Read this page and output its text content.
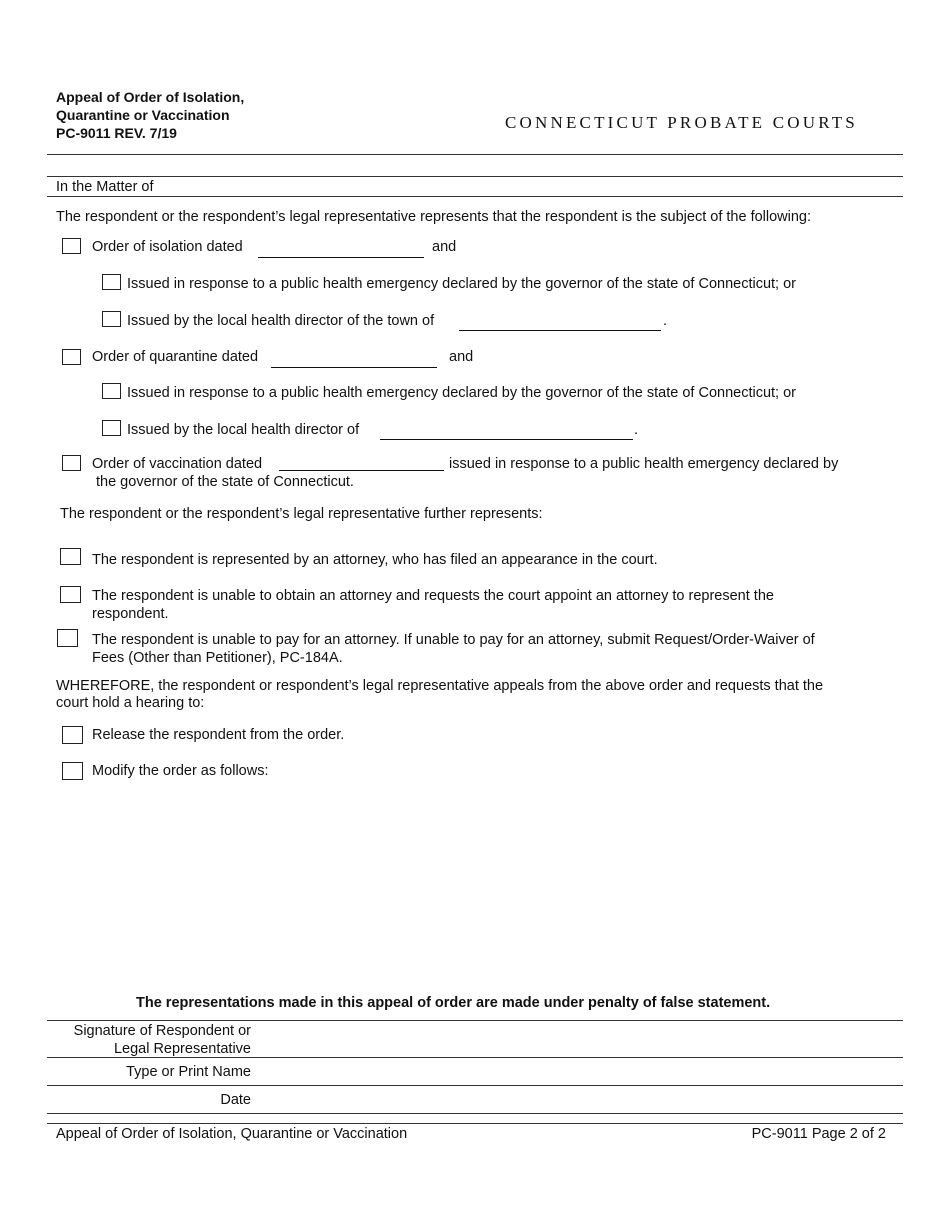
Appeal of Order of Isolation,
Quarantine or Vaccination
PC-9011 REV. 7/19
CONNECTICUT PROBATE COURTS
In the Matter of
The respondent or the respondent’s legal representative represents that the respondent is the subject of the following:
Order of isolation dated	and
Issued in response to a public health emergency declared by the governor of the state of Connecticut; or
Issued by the local health director of the town of	.
Order of quarantine dated	and
Issued in response to a public health emergency declared by the governor of the state of Connecticut; or
Issued by the local health director of	.
Order of vaccination dated	issued in response to a public health emergency declared by
the governor of the state of Connecticut.
The respondent or the respondent’s legal representative further represents:
The respondent is represented by an attorney, who has filed an appearance in the court.
The respondent is unable to obtain an attorney and requests the court appoint an attorney to represent the
respondent.
The respondent is unable to pay for an attorney. If unable to pay for an attorney, submit Request/Order-Waiver of
Fees (Other than Petitioner), PC-184A.
WHEREFORE, the respondent or respondent’s legal representative appeals from the above order and requests that the
court hold a hearing to:
Release the respondent from the order.
Modify the order as follows:
The representations made in this appeal of order are made under penalty of false statement.
Signature of Respondent or
Legal Representative
Type or Print Name
Date
Appeal of Order of Isolation, Quarantine or Vaccination	PC-9011 Page 2 of 2
